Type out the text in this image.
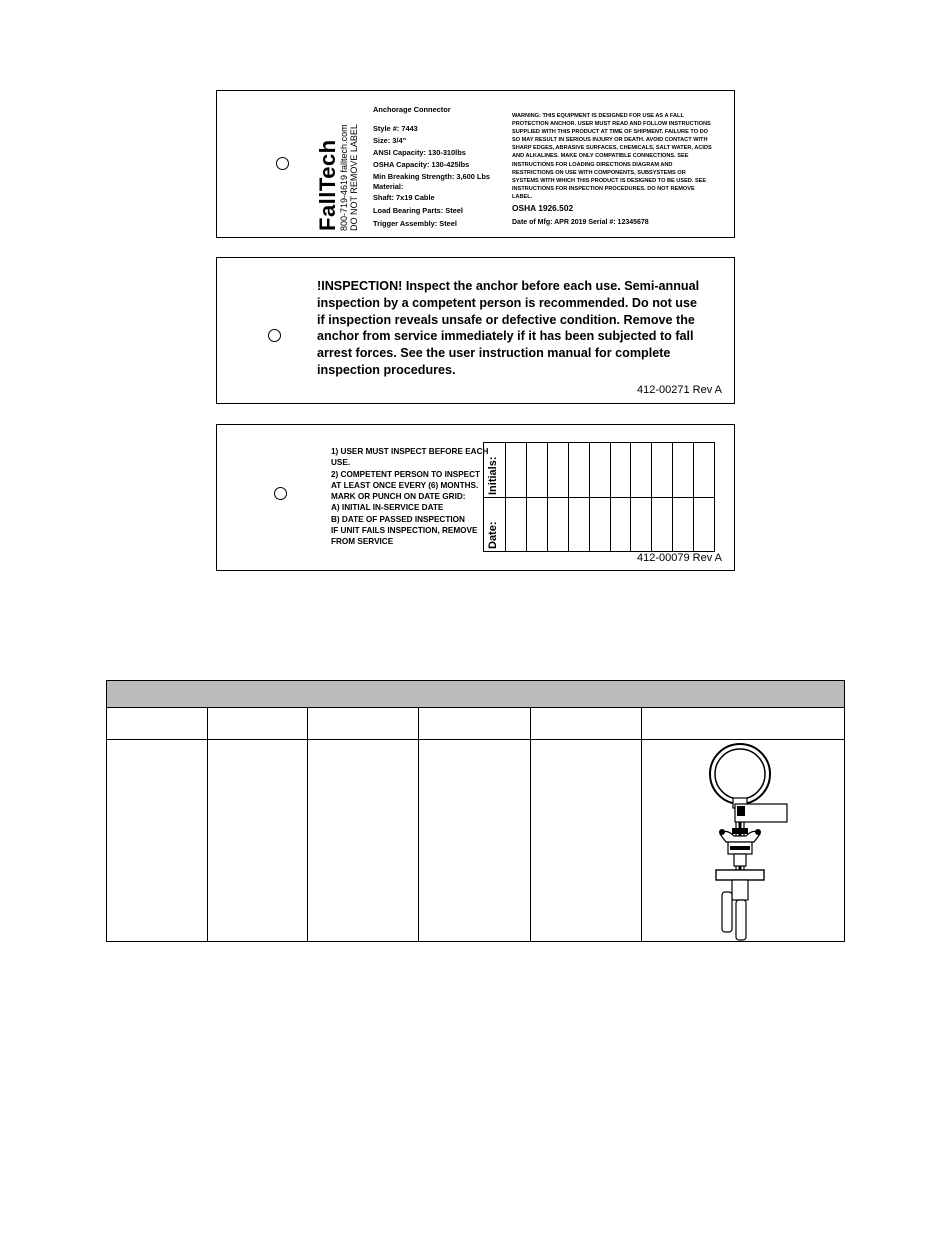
FallTech 800-719-4619 falltech.com DO NOT REMOVE LABEL
Anchorage Connector
Style #: 7443
Size: 3/4"
ANSI Capacity: 130-310lbs
OSHA Capacity: 130-425lbs
Min Breaking Strength: 3,600 Lbs
Material:
Shaft: 7x19 Cable
Load Bearing Parts: Steel
Trigger Assembly: Steel
WARNING: THIS EQUIPMENT IS DESIGNED FOR USE AS A FALL PROTECTION ANCHOR. USER MUST READ AND FOLLOW INSTRUCTIONS SUPPLIED WITH THIS PRODUCT AT TIME OF SHIPMENT. FAILURE TO DO SO MAY RESULT IN SERIOUS INJURY OR DEATH. AVOID CONTACT WITH SHARP EDGES, ABRASIVE SURFACES, CHEMICALS, SALT WATER, ACIDS AND ALKALINES. MAKE ONLY COMPATIBLE CONNECTIONS. SEE INSTRUCTIONS FOR LOADING DIRECTIONS DIAGRAM AND RESTRICTIONS ON USE WITH COMPONENTS, SUBSYSTEMS OR SYSTEMS WITH WHICH THIS PRODUCT IS DESIGNED TO BE USED. SEE INSTRUCTIONS FOR INSPECTION PROCEDURES. DO NOT REMOVE LABEL.
OSHA 1926.502
Date of Mfg: APR 2019 Serial #: 12345678
!INSPECTION! Inspect the anchor before each use. Semi-annual inspection by a competent person is recommended. Do not use if inspection reveals unsafe or defective condition. Remove the anchor from service immediately if it has been subjected to fall arrest forces. See the user instruction manual for complete inspection procedures.
412-00271 Rev A
1) USER MUST INSPECT BEFORE EACH USE.
2) COMPETENT PERSON TO INSPECT AT LEAST ONCE EVERY (6) MONTHS. MARK OR PUNCH ON DATE GRID:
A) INITIAL IN-SERVICE DATE
B) DATE OF PASSED INSPECTION
IF UNIT FAILS INSPECTION, REMOVE FROM SERVICE
Initials:
Date:
412-00079 Rev A
